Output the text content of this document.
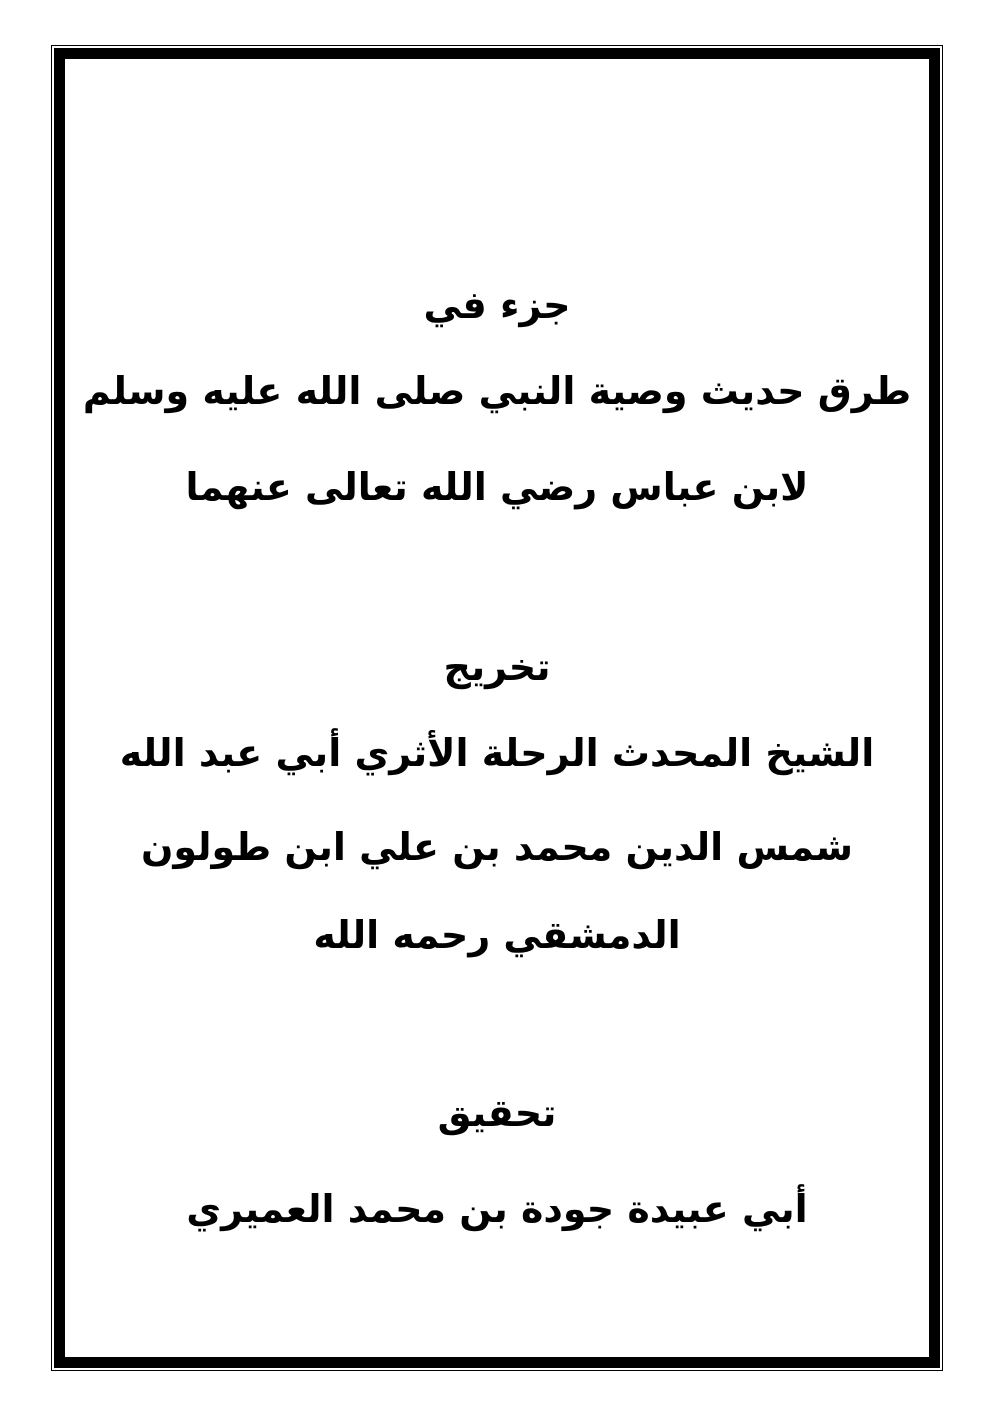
جزء في
طرق حديث وصية النبي صلى الله عليه وسلم
لابن عباس رضي الله تعالى عنهما
تخريج
الشيخ المحدث الرحلة الأثري أبي عبد الله
شمس الدين محمد بن علي ابن طولون
الدمشقي رحمه الله
تحقيق
أبي عبيدة جودة بن محمد العميري
